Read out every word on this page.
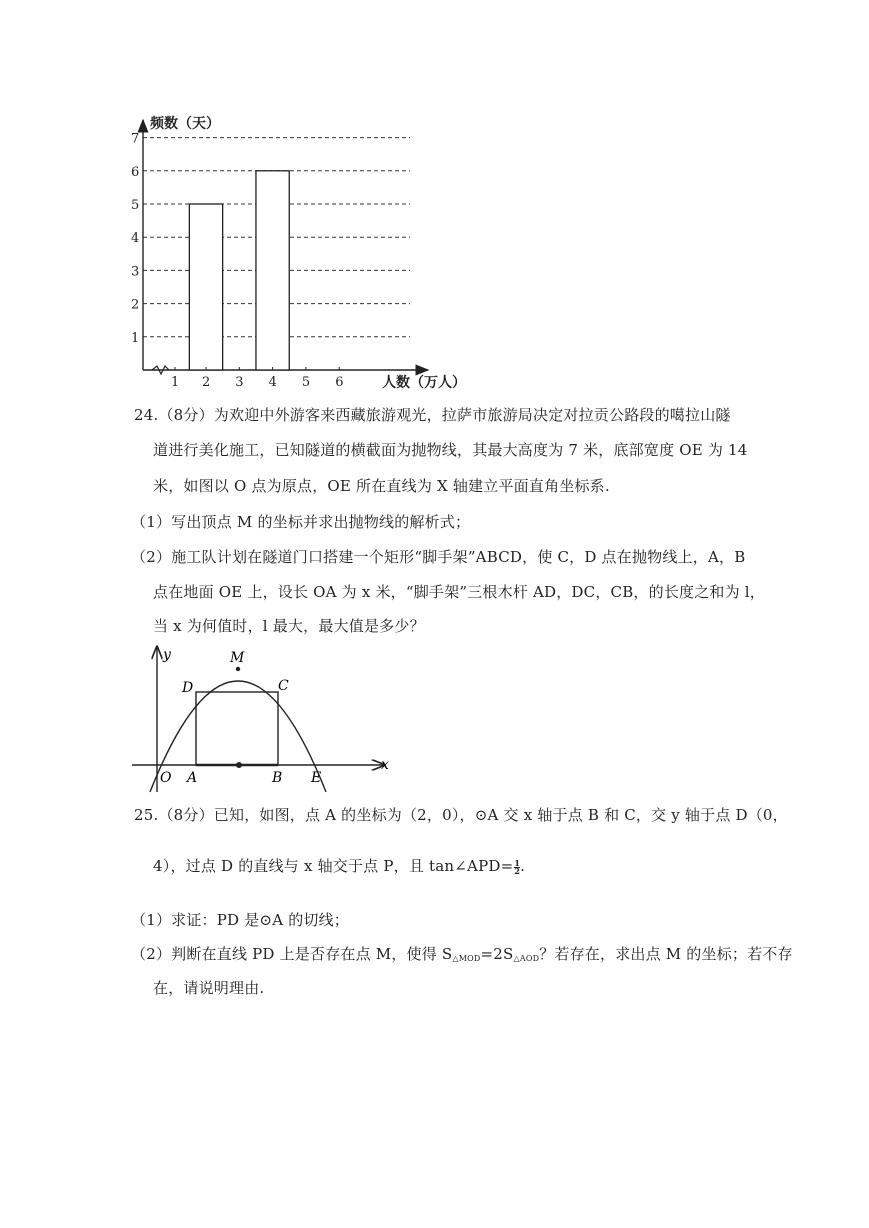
1
2
3
4
5
6
7
1 2 3 4 5 6
频数（天）
人数（万人）
24.（8分）为欢迎中外游客来西藏旅游观光，拉萨市旅游局决定对拉贡公路段的噶拉山隧
道进行美化施工，已知隧道的横截面为抛物线，其最大高度为 7 米，底部宽度 OE 为 14
米，如图以 O 点为原点，OE 所在直线为 X 轴建立平面直角坐标系.
（1）写出顶点 M 的坐标并求出抛物线的解析式；
（2）施工队计划在隧道门口搭建一个矩形“脚手架”ABCD，使 C，D 点在抛物线上，A，B
点在地面 OE 上，设长 OA 为 x 米，“脚手架”三根木杆 AD，DC，CB，的长度之和为 l，
当 x 为何值时，l 最大，最大值是多少？
y
x
M
D	C
O A	B E
25.（8分）已知，如图，点 A 的坐标为（2，0），⊙A 交 x 轴于点 B 和 C，交 y 轴于点 D（0，
4），过点 D 的直线与 x 轴交于点 P，且 tan∠APD= $\frac{1}{2}$ .
（1）求证：PD 是⊙A 的切线；
（2）判断在直线 PD 上是否存在点 M，使得 $S_{\triangle MOD}=2S_{\triangle AOD}$？若存在，求出点 M 的坐标；若不存
在，请说明理由.
